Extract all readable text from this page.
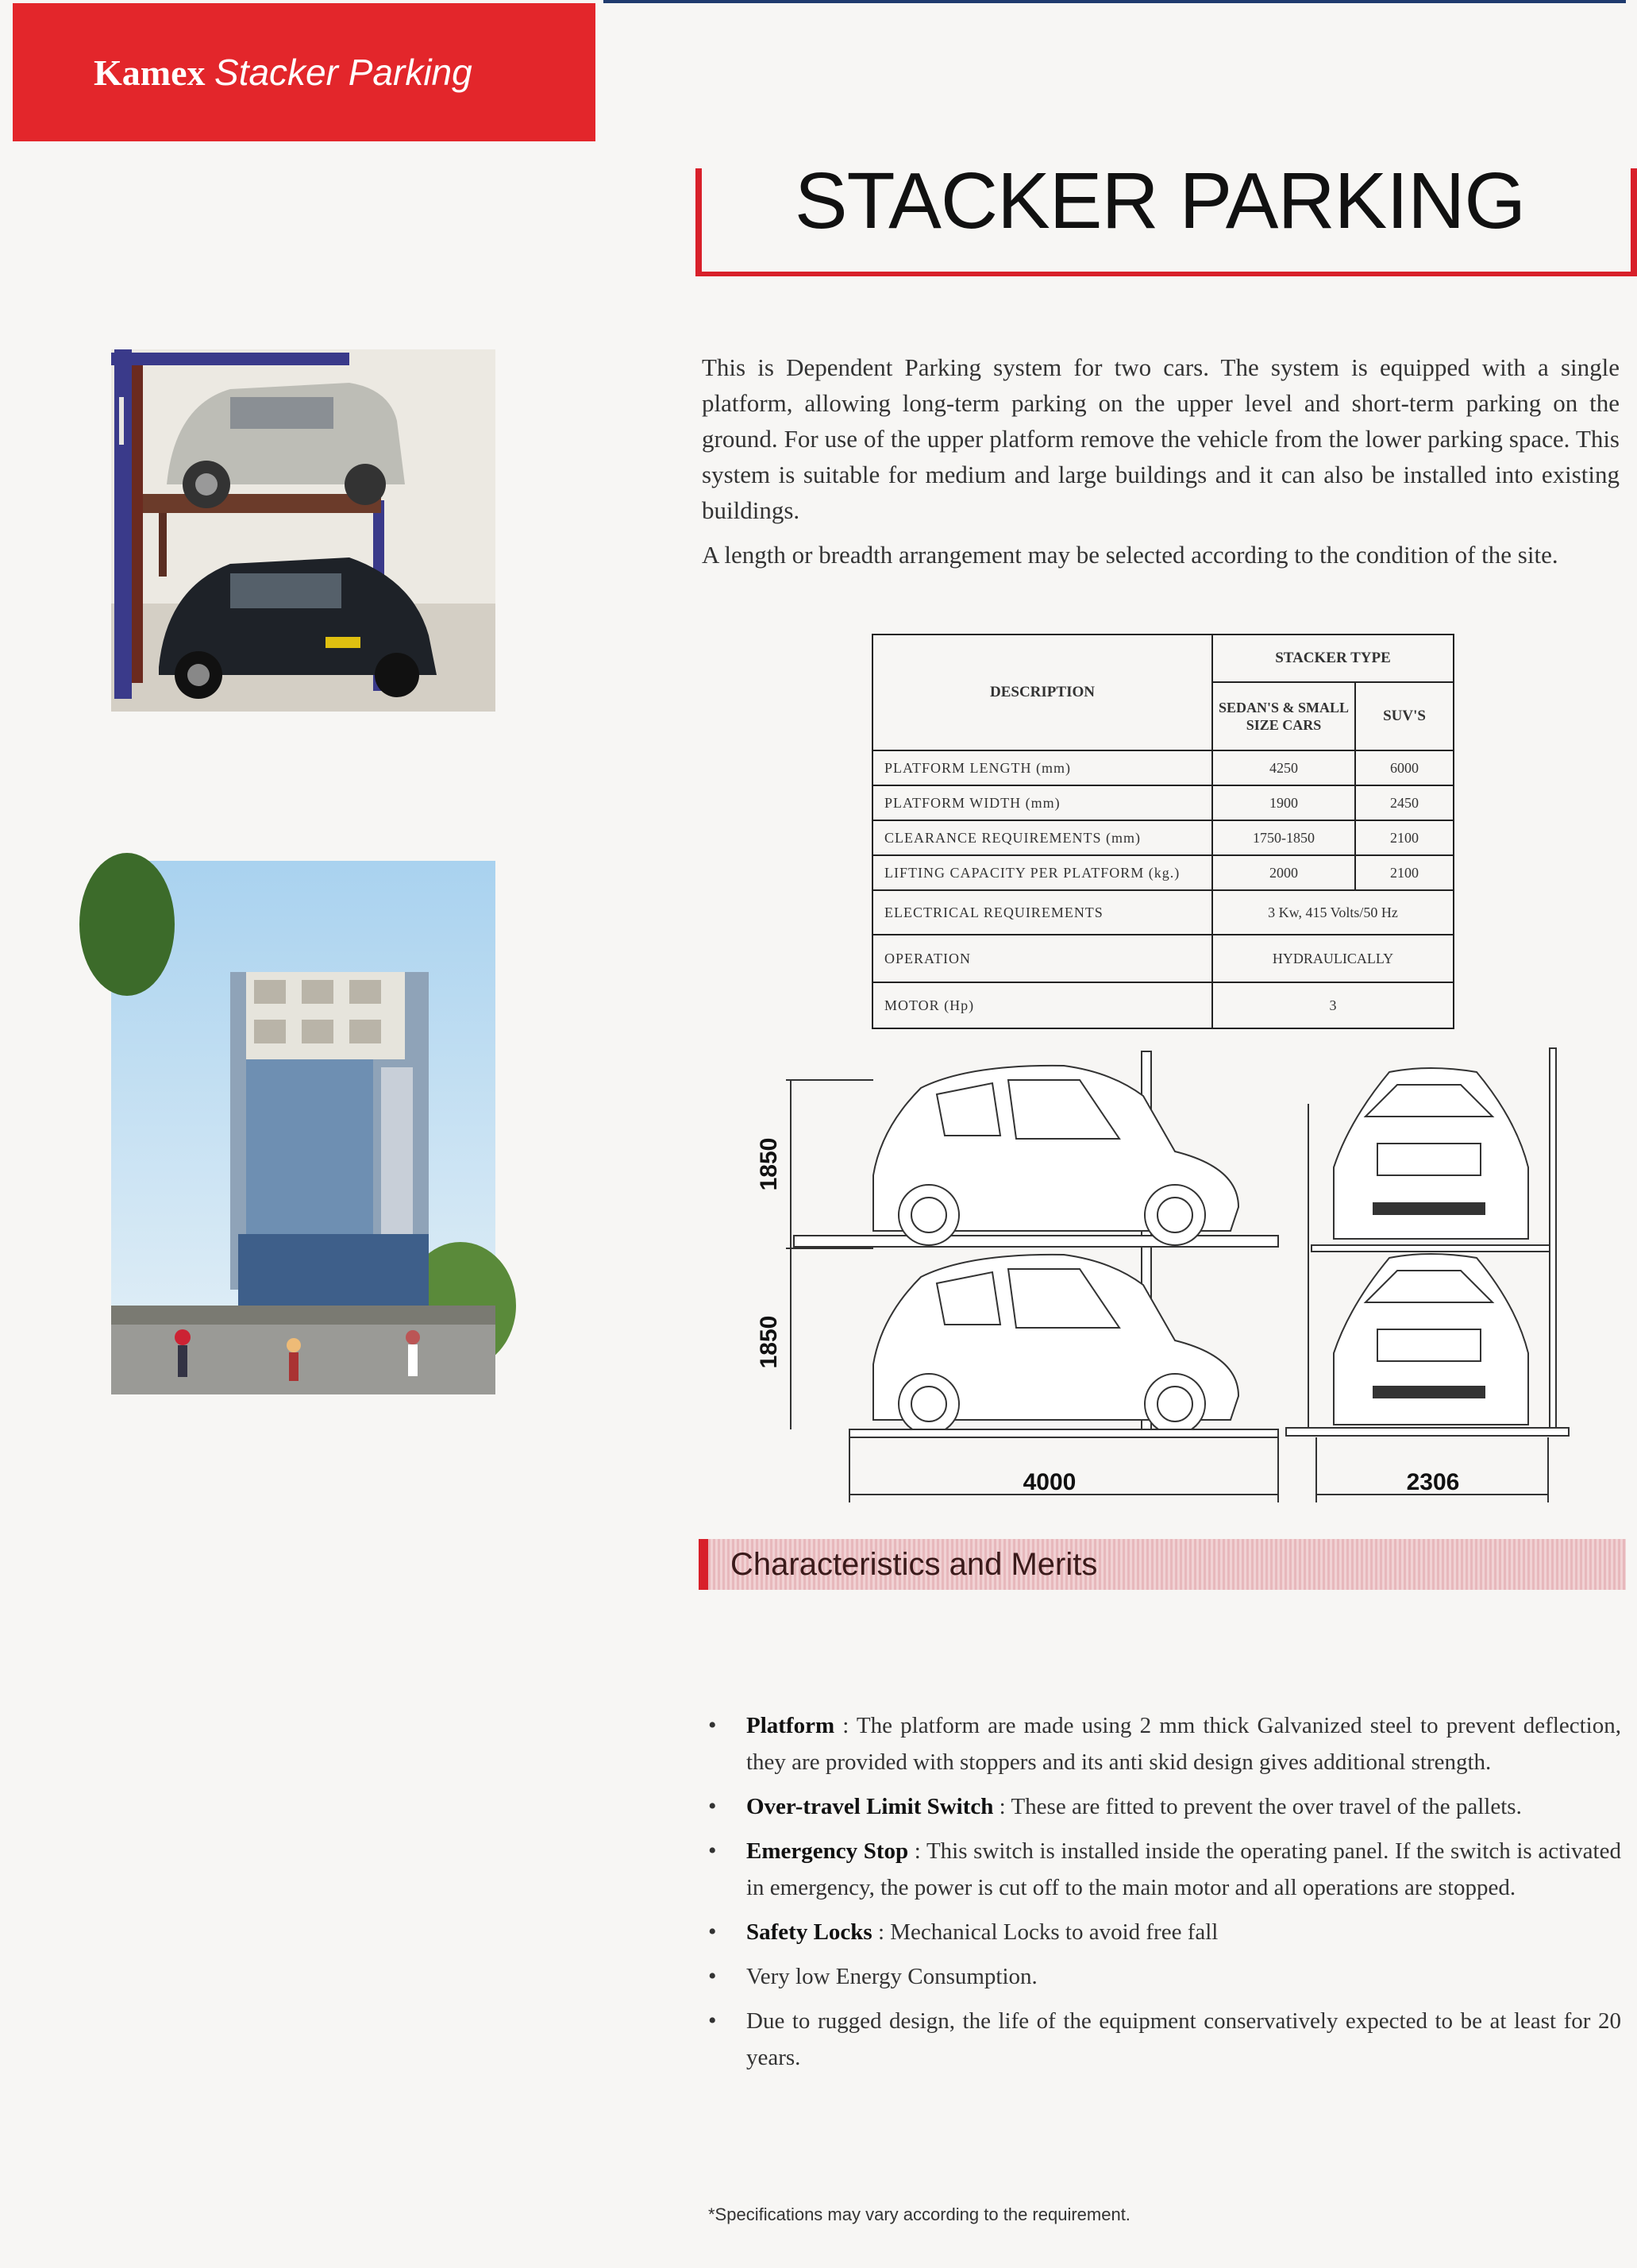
Kamex Stacker Parking
STACKER PARKING
This is Dependent Parking system for two cars. The system is equipped with a single platform, allowing long-term parking on the upper level and short-term parking on the ground. For use of the upper platform remove the vehicle from the lower parking space. This system is suitable for medium and large buildings and it can also be installed into existing buildings.
A length or breadth arrangement may be selected according to the condition of the site.
DESCRIPTION	STACKER TYPE	
	SEDAN'S & SMALL SIZE CARS	SUV'S
PLATFORM LENGTH (mm)	4250	6000
PLATFORM WIDTH (mm)	1900	2450
CLEARANCE REQUIREMENTS (mm)	1750-1850	2100
LIFTING CAPACITY PER PLATFORM (kg.)	2000	2100
ELECTRICAL REQUIREMENTS	3 Kw, 415 Volts/50 Hz	
OPERATION	HYDRAULICALLY	
MOTOR (Hp)	3	
1850
1850
4000	2306
Characteristics and Merits
• Platform : The platform are made using 2 mm thick Galvanized steel to prevent deflection, they are provided with stoppers and its anti skid design gives additional strength.
• Over-travel Limit Switch : These are fitted to prevent the over travel of the pallets.
• Emergency Stop : This switch is installed inside the operating panel. If the switch is activated in emergency, the power is cut off to the main motor and all operations are stopped.
• Safety Locks : Mechanical Locks to avoid free fall
• Very low Energy Consumption.
• Due to rugged design, the life of the equipment conservatively expected to be at least for 20 years.
*Specifications may vary according to the requirement.
